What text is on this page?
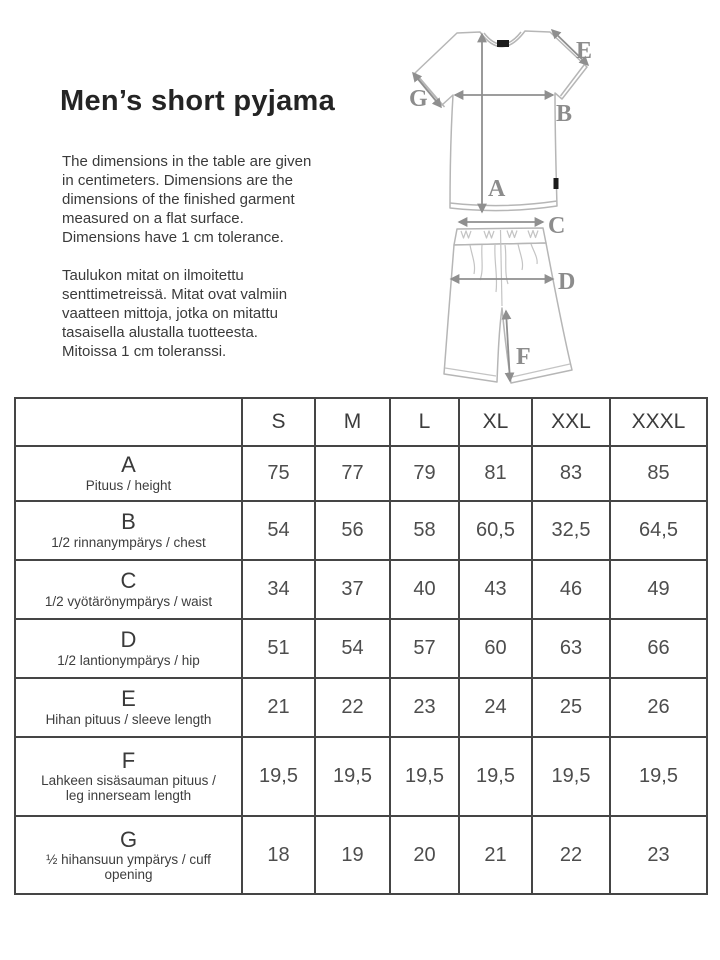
Men’s short pyjama

The dimensions in the table are given
in centimeters. Dimensions are the
dimensions of the finished garment
measured on a flat surface.
Dimensions have 1 cm tolerance.

Taulukon mitat on ilmoitettu
senttimetreissä. Mitat ovat valmiin
vaatteen mittoja, jotka on mitattu
tasaisella alustalla tuotteesta.
Mitoissa 1 cm toleranssi.

A
B
E
G
C
D
F
	S	M	L	XL	XXL	XXXL

A
Pituus / height	75	77	79	81	83	85

B
1/2 rinnanympärys / chest	54	56	58	60,5	32,5	64,5

C
1/2 vyötärönympärys / waist	34	37	40	43	46	49

D
1/2 lantionympärys / hip	51	54	57	60	63	66

E
Hihan pituus / sleeve length	21	22	23	24	25	26

F
Lahkeen sisäsauman pituus /
leg innerseam length	19,5	19,5	19,5	19,5	19,5	19,5

G
½ hihansuun ympärys / cuff
opening	18	19	20	21	22	23
